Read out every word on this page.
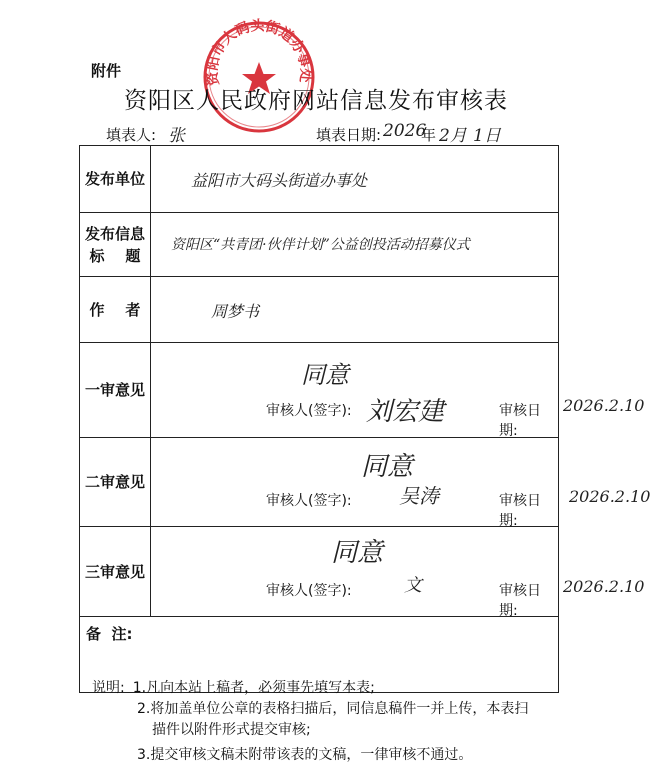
资阳市大码头街道办事处
附件
资阳区人民政府网站信息发布审核表
填表人: 张	填表日期: 2026
年 2月 1日
发布单位	益阳市大码头街道办事处

发布信息
标    题	资阳区“共青团·伙伴计划”公益创投活动招募仪式

作    者	周梦书

一审意见	同意
审核人(签字): 刘宏建 审核日期:
2026.2.10

二审意见	同意
审核人(签字): 吴涛 审核日期:
2026.2.10

三审意见	同意
审核人(签字): 文 审核日期:
2026.2.10

备  注:	
说明: 1.凡向本站上稿者，必须事先填写本表;
2.将加盖单位公章的表格扫描后，同信息稿件一并上传，本表扫
描件以附件形式提交审核;
3.提交审核文稿未附带该表的文稿，一律审核不通过。
